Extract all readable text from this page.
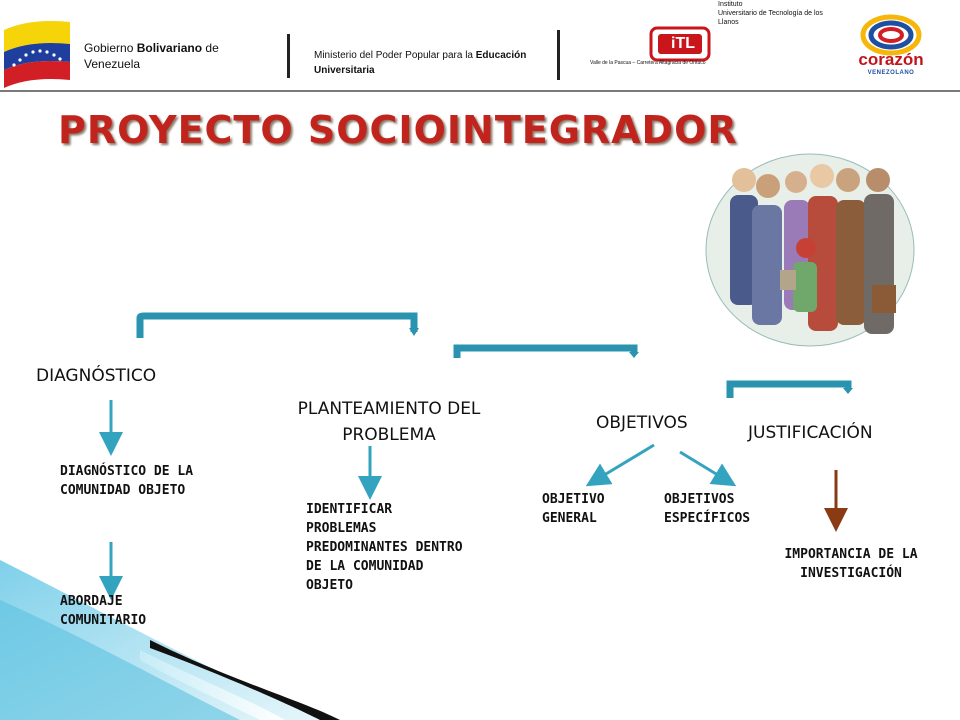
Gobierno Bolivariano de Venezuela
Ministerio del Poder Popular para la Educación Universitaria
iTL
Instituto
Universitario de Tecnología de los Llanos
Valle de la Pascua – Carretera Altagracia de Orituco	corazón
VENEZOLANO
PROYECTO SOCIOINTEGRADOR
DIAGNÓSTICO
DIAGNÓSTICO DE LA COMUNIDAD OBJETO
ABORDAJE COMUNITARIO
PLANTEAMIENTO DEL
PROBLEMA
IDENTIFICAR PROBLEMAS PREDOMINANTES DENTRO DE LA COMUNIDAD OBJETO
OBJETIVOS
OBJETIVO GENERAL
OBJETIVOS ESPECÍFICOS
JUSTIFICACIÓN
IMPORTANCIA DE LA INVESTIGACIÓN
